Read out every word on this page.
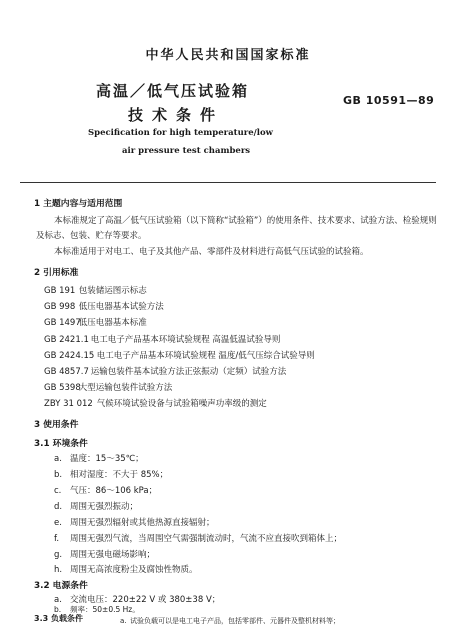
中华人民共和国国家标准
高温／低气压试验箱
技术条件
GB 10591—89
Specification for high temperature/low
air pressure test chambers
1 主题内容与适用范围
本标准规定了高温／低气压试验箱（以下简称“试验箱”）的使用条件、技术要求、试验方法、检验规则
及标志、包装、贮存等要求。
本标准适用于对电工、电子及其他产品、零部件及材料进行高低气压试验的试验箱。
2 引用标准
GB 191 包装储运图示标志
GB 998 低压电器基本试验方法
GB 1497 低压电器基本标准
GB 2421.1 电工电子产品基本环境试验规程 高温低温试验导则
GB 2424.15 电工电子产品基本环境试验规程 温度/低气压综合试验导则
GB 4857.7 运输包装件基本试验方法正弦振动（定频）试验方法
GB 5398 大型运输包装件试验方法
ZBY 31 012 气候环境试验设备与试验箱噪声功率级的测定
3 使用条件
3.1 环境条件
a. 温度：15～35℃；
b. 相对湿度：不大于 85%；
c. 气压：86～106 kPa；
d. 周围无强烈振动；
e. 周围无强烈辐射或其他热源直接辐射；
f. 周围无强烈气流，当周围空气需强制流动时，气流不应直接吹到箱体上；
g. 周围无强电磁场影响；
h. 周围无高浓度粉尘及腐蚀性物质。
3.2 电源条件
a. 交流电压：220±22 V 或 380±38 V；
b. 频率：50±0.5 Hz。
3.3 负载条件	a. 试验负载可以是电工电子产品，包括零部件、元器件及整机材料等；
